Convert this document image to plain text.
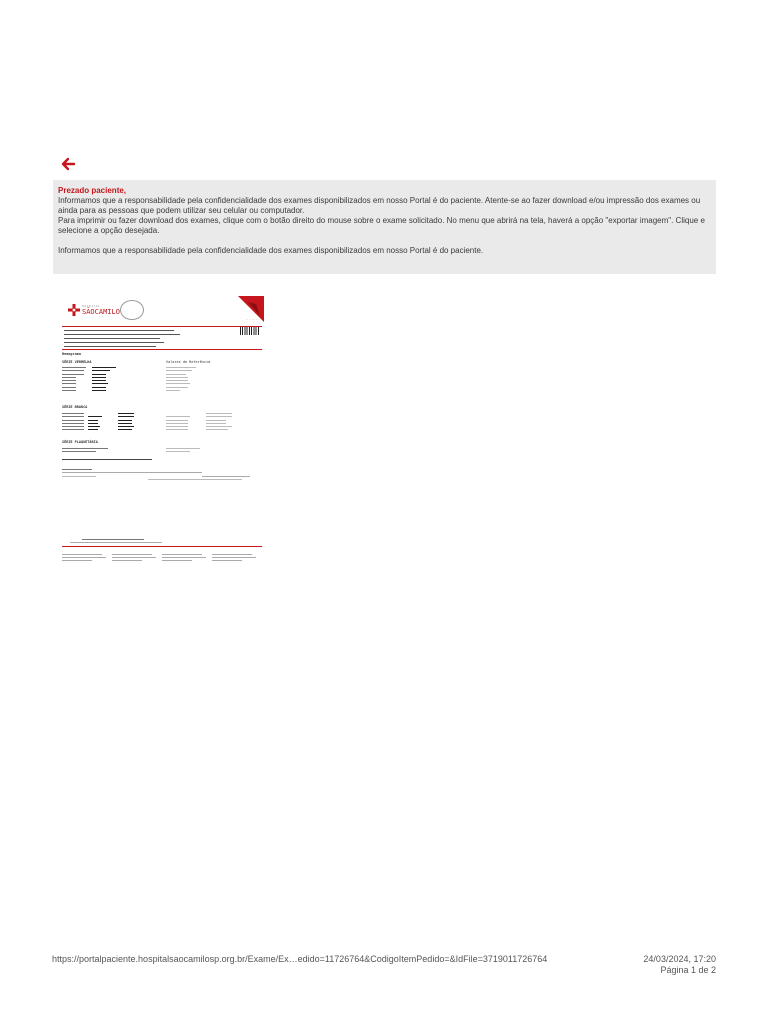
Prezado paciente,

Informamos que a responsabilidade pela confidencialidade dos exames disponibilizados em nosso Portal é do paciente. Atente-se ao fazer download e/ou impressão dos exames ou ainda para as pessoas que podem utilizar seu celular ou computador.

Para imprimir ou fazer download dos exames, clique com o botão direito do mouse sobre o exame solicitado. No menu que abrirá na tela, haverá a opção "exportar imagem". Clique e selecione a opção desejada.

Informamos que a responsabilidade pela confidencialidade dos exames disponibilizados em nosso Portal é do paciente.

HOSPITAL
SÃOCAMILO
— — — — —
Hemograma
SÉRIE VERMELHA	Valores de Referência
SÉRIE BRANCA
SÉRIE PLAQUETÁRIA
https://portalpaciente.hospitalsaocamilosp.org.br/Exame/Ex…edido=11726764&CodigoItemPedido=&IdFile=3719011726764	24/03/2024, 17:20
Página 1 de 2
